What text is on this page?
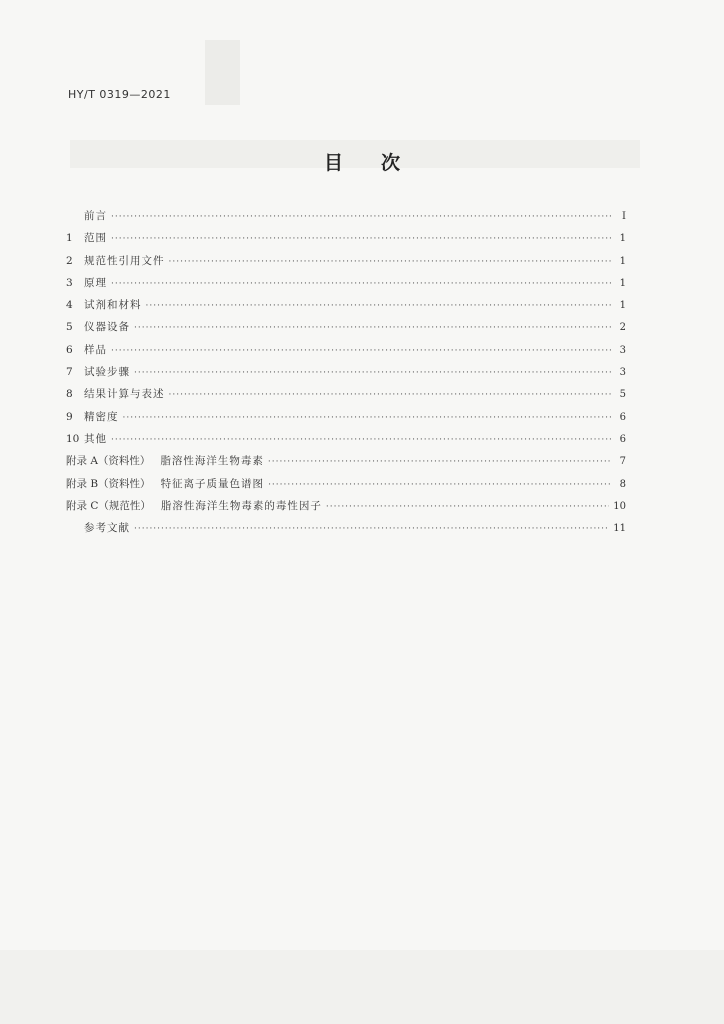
HY/T 0319—2021
目 次
前言 ·····	Ⅰ
1	范围 ·····	1
2	规范性引用文件 ·····	1
3	原理 ·····	1
4	试剂和材料 ·····	1
5	仪器设备 ·····	2
6	样品 ·····	3
7	试验步骤 ·····	3
8	结果计算与表述 ·····	5
9	精密度 ·····	6
10 其他 ·····	6
附录 A（资料性） 脂溶性海洋生物毒素 ·····	7
附录 B（资料性） 特征离子质量色谱图 ·····	8
附录 C（规范性） 脂溶性海洋生物毒素的毒性因子 ·····	10
参考文献 ·····	11
